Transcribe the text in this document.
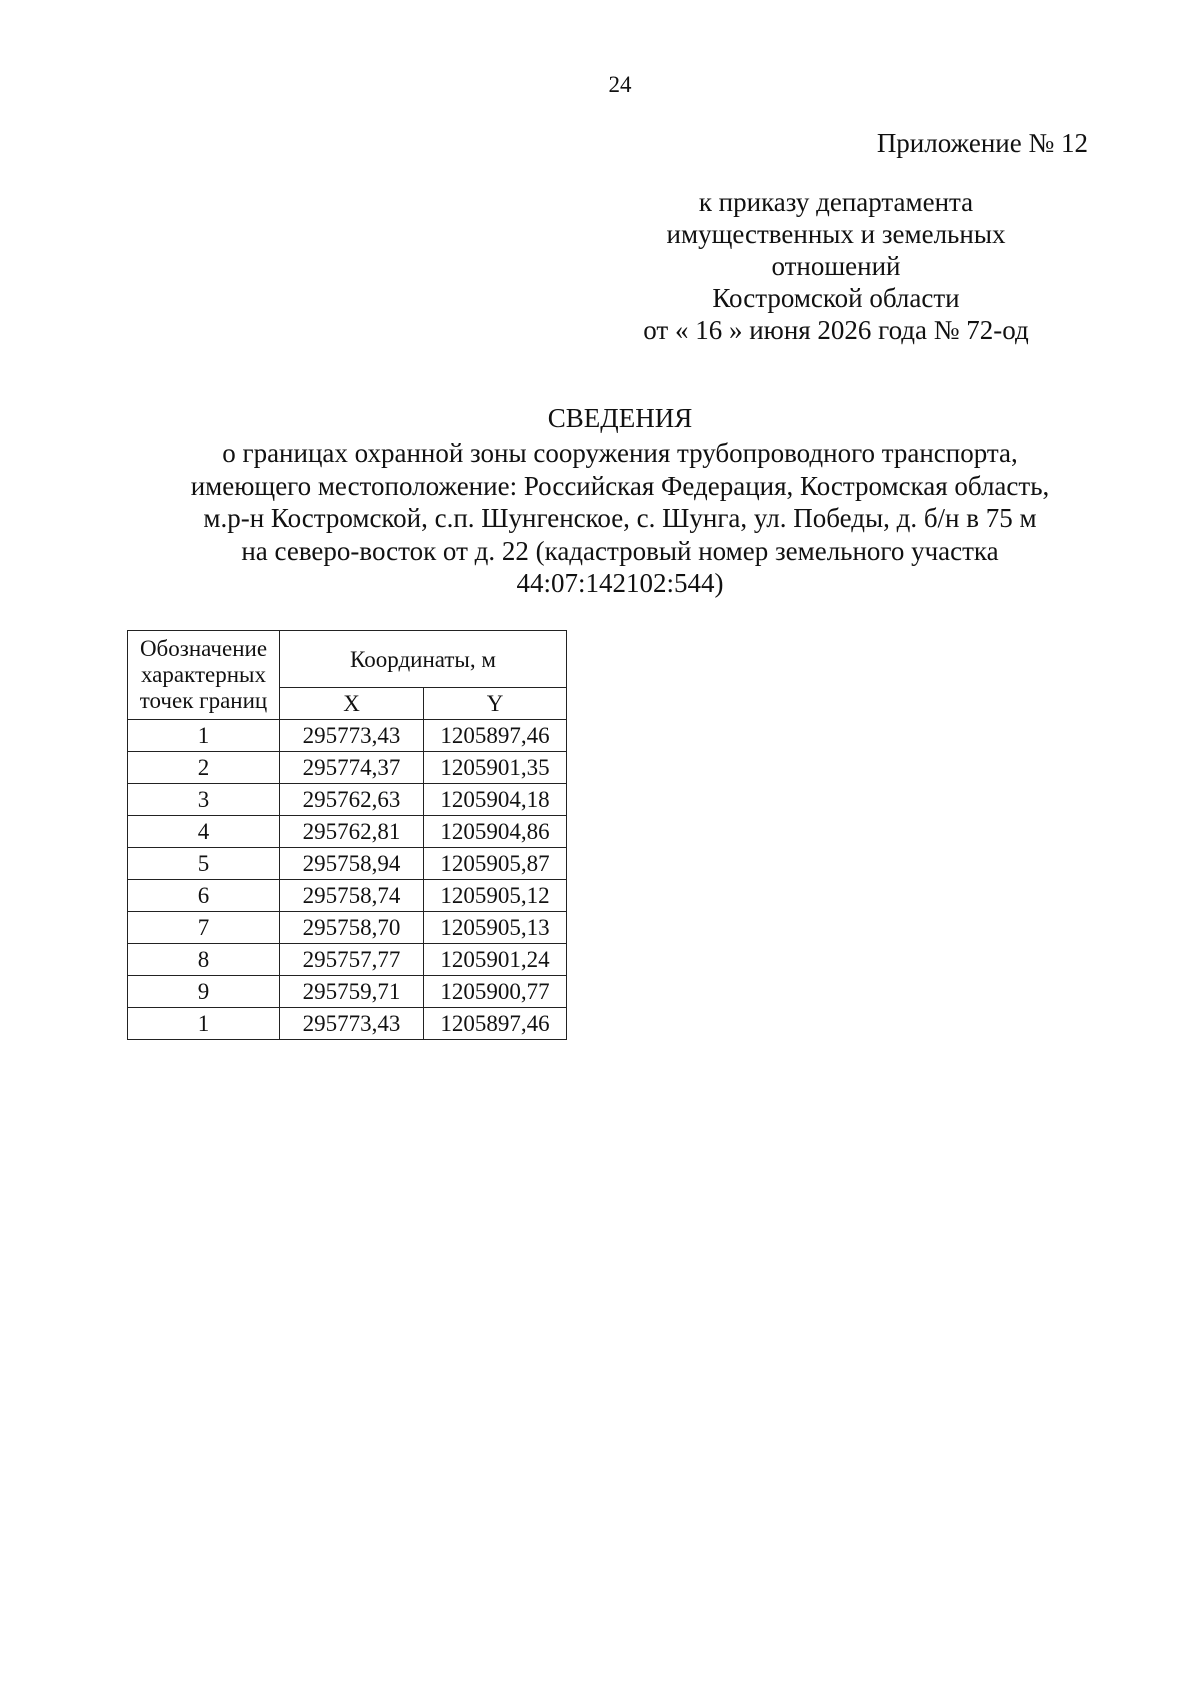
24
Приложение № 12
к приказу департамента
имущественных и земельных
отношений
Костромской области
от « 16 » июня 2026 года № 72-од
СВЕДЕНИЯ
о границах охранной зоны сооружения трубопроводного транспорта,
имеющего местоположение: Российская Федерация, Костромская область,
м.р-н Костромской, с.п. Шунгенское, с. Шунга, ул. Победы, д. б/н в 75 м
на северо-восток от д. 22 (кадастровый номер земельного участка
44:07:142102:544)
Обозначение
характерных
точек границ	Координаты, м	
	X	Y
1	295773,43	1205897,46
2	295774,37	1205901,35
3	295762,63	1205904,18
4	295762,81	1205904,86
5	295758,94	1205905,87
6	295758,74	1205905,12
7	295758,70	1205905,13
8	295757,77	1205901,24
9	295759,71	1205900,77
1	295773,43	1205897,46
